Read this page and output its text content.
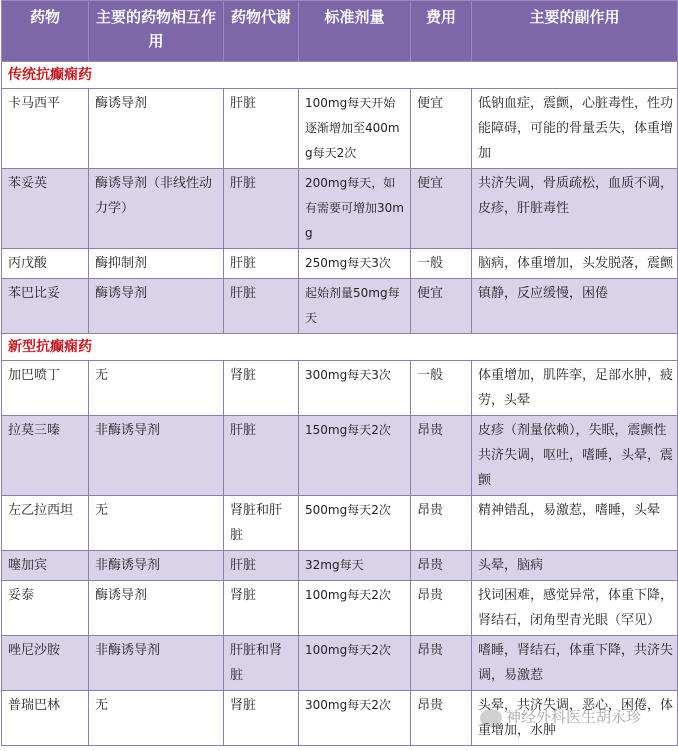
药物	主要的药物相互作用	药物代谢	标准剂量	费用	主要的副作用
传统抗癫痫药					
卡马西平	酶诱导剂	肝脏	100mg每天开始逐渐增加至400mg每天2次	便宜	低钠血症，震颤，心脏毒性，性功能障碍，可能的骨量丢失，体重增加
苯妥英	酶诱导剂（非线性动力学）	肝脏	200mg每天，如有需要可增加30mg	便宜	共济失调，骨质疏松，血质不调，皮疹，肝脏毒性
丙戊酸	酶抑制剂	肝脏	250mg每天3次	一般	脑病，体重增加，头发脱落，震颤
苯巴比妥	酶诱导剂	肝脏	起始剂量50mg每天	便宜	镇静，反应缓慢，困倦
新型抗癫痫药					
加巴喷丁	无	肾脏	300mg每天3次	一般	体重增加，肌阵挛，足部水肿，疲劳，头晕
拉莫三嗪	非酶诱导剂	肝脏	150mg每天2次	昂贵	皮疹（剂量依赖），失眠，震颤性共济失调，呕吐，嗜睡，头晕，震颤
左乙拉西坦	无	肾脏和肝脏	500mg每天2次	昂贵	精神错乱，易激惹，嗜睡，头晕
噻加宾	非酶诱导剂	肝脏	32mg每天	昂贵	头晕，脑病
妥泰	酶诱导剂	肾脏	100mg每天2次	昂贵	找词困难，感觉异常，体重下降，肾结石，闭角型青光眼（罕见）
唑尼沙胺	非酶诱导剂	肝脏和肾脏	100mg每天2次	昂贵	嗜睡，肾结石，体重下降，共济失调，易激惹
普瑞巴林	无	肾脏	300mg每天2次	昂贵	头晕，共济失调，恶心，困倦，体重增加，水肿
神经外科医生胡永珍
